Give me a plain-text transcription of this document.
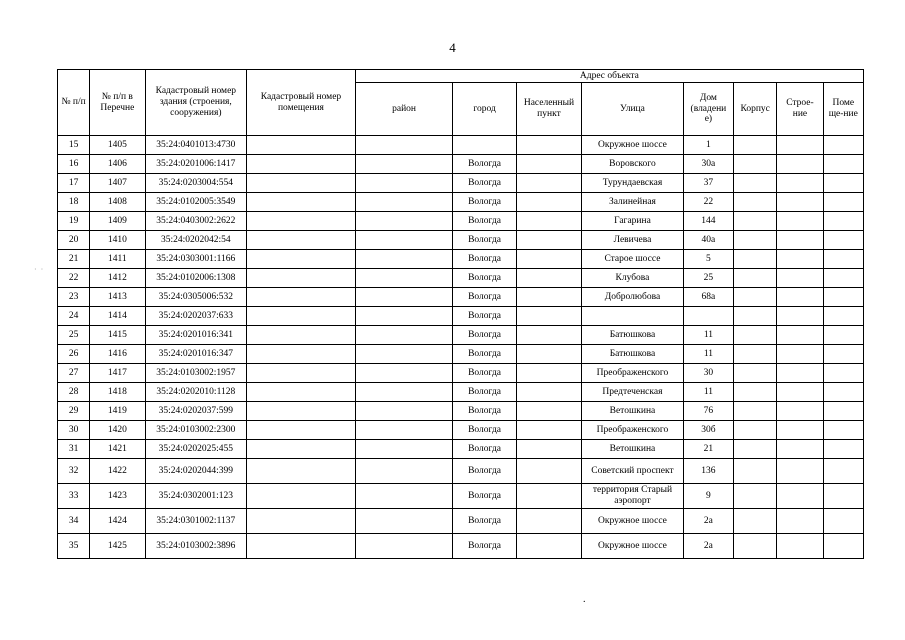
4
· ·
№ п/п	№ п/п в Перечне	Кадастровый номер здания (строения, сооружения)	Кадастровый номер помещения	Адрес объекта							
				район	город	Населенный пункт	Улица	Дом (владени е)	Корпус	Строе-ние	Поме ще-ние
15	1405	35:24:0401013:4730					Окружное шоссе	1			
16	1406	35:24:0201006:1417			Вологда		Воровского	30а			
17	1407	35:24:0203004:554			Вологда		Турундаевская	37			
18	1408	35:24:0102005:3549			Вологда		Залинейная	22			
19	1409	35:24:0403002:2622			Вологда		Гагарина	144			
20	1410	35:24:0202042:54			Вологда		Левичева	40а			
21	1411	35:24:0303001:1166			Вологда		Старое шоссе	5			
22	1412	35:24:0102006:1308			Вологда		Клубова	25			
23	1413	35:24:0305006:532			Вологда		Добролюбова	68а			
24	1414	35:24:0202037:633			Вологда						
25	1415	35:24:0201016:341			Вологда		Батюшкова	11			
26	1416	35:24:0201016:347			Вологда		Батюшкова	11			
27	1417	35:24:0103002:1957			Вологда		Преображенского	30			
28	1418	35:24:0202010:1128			Вологда		Предтеченская	11			
29	1419	35:24:0202037:599			Вологда		Ветошкина	76			
30	1420	35:24:0103002:2300			Вологда		Преображенского	30б			
31	1421	35:24:0202025:455			Вологда		Ветошкина	21			
32	1422	35:24:0202044:399			Вологда		Советский проспект	136			
33	1423	35:24:0302001:123			Вологда		территория Старый аэропорт	9			
34	1424	35:24:0301002:1137			Вологда		Окружное шоссе	2а			
35	1425	35:24:0103002:3896			Вологда		Окружное шоссе	2а			
.
